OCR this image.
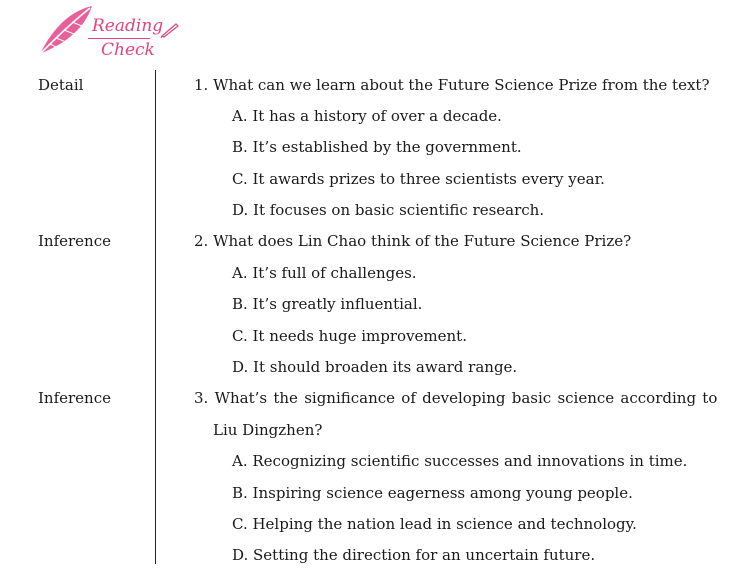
Reading
Check
Detail	1. What can we learn about the Future Science Prize from the text?
A. It has a history of over a decade.
B. It’s established by the government.
C. It awards prizes to three scientists every year.
D. It focuses on basic scientific research.
Inference	2. What does Lin Chao think of the Future Science Prize?
A. It’s full of challenges.
B. It’s greatly influential.
C. It needs huge improvement.
D. It should broaden its award range.
Inference	3. What’s the significance of developing basic science according to
Liu Dingzhen?
A. Recognizing scientific successes and innovations in time.
B. Inspiring science eagerness among young people.
C. Helping the nation lead in science and technology.
D. Setting the direction for an uncertain future.
